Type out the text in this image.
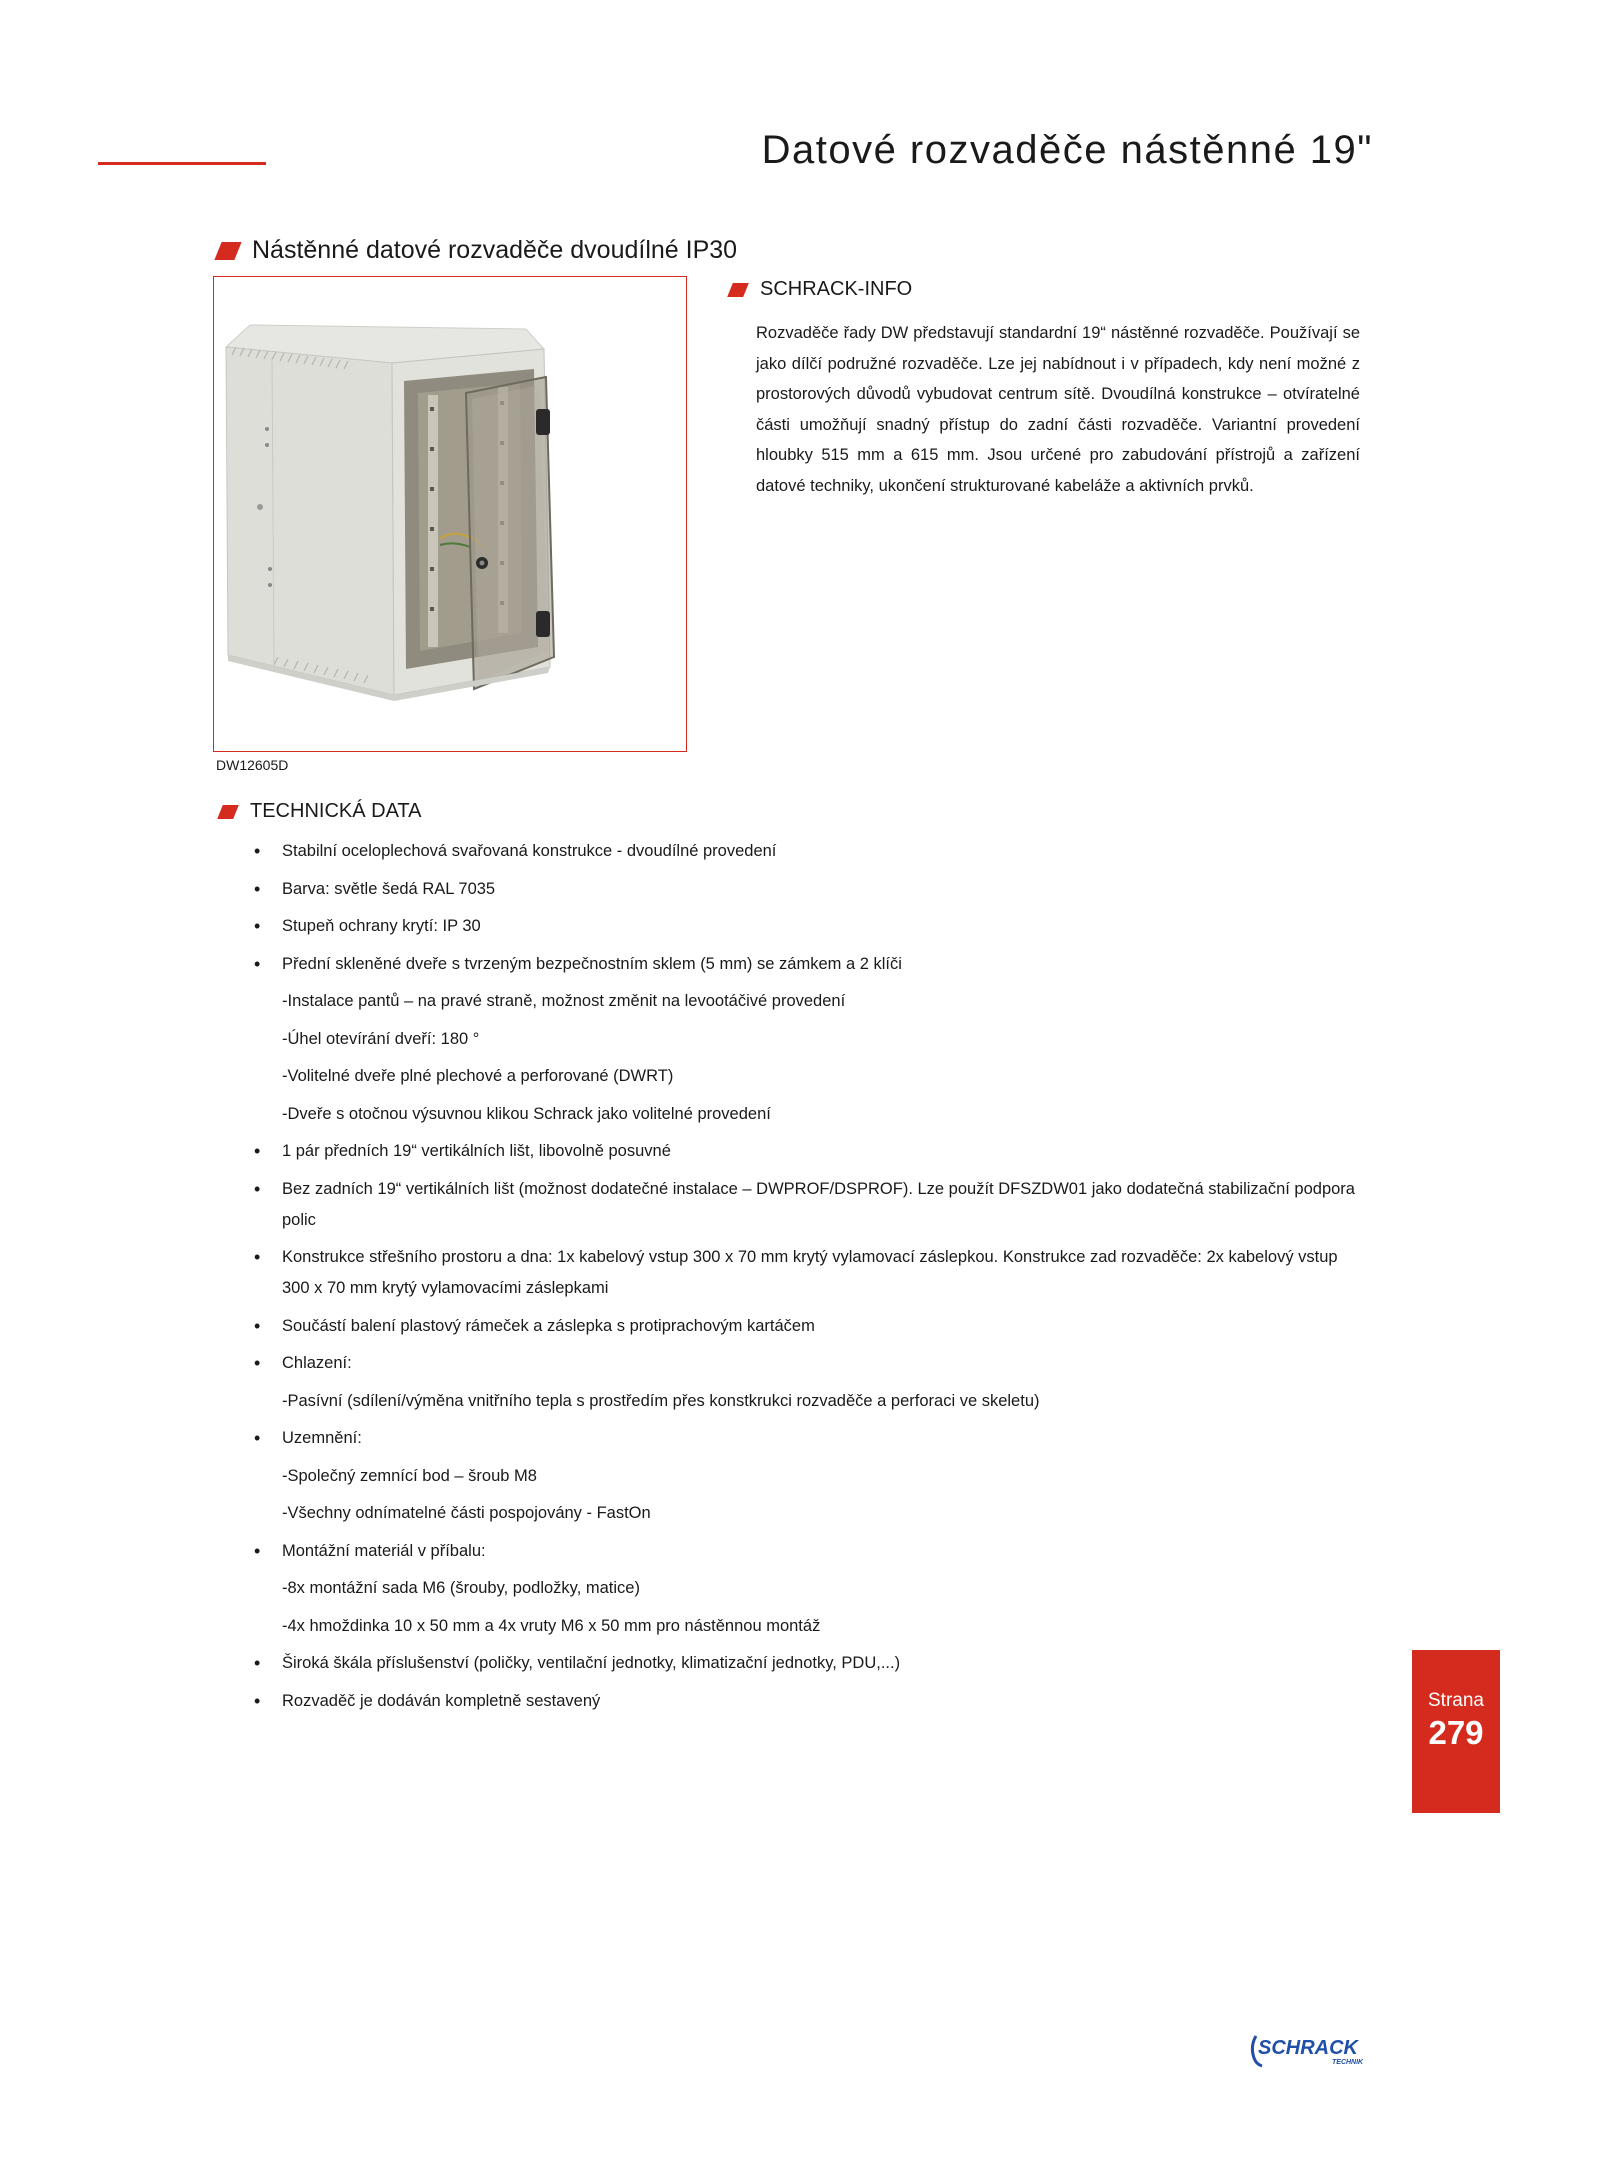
Datové rozvaděče nástěnné 19"
Nástěnné datové rozvaděče dvoudílné IP30
DW12605D
SCHRACK-INFO

Rozvaděče řady DW představují standardní 19“ nástěnné rozvaděče. Používají se jako dílčí podružné rozvaděče. Lze jej nabídnout i v případech, kdy není možné z prostorových důvodů vybudovat centrum sítě. Dvoudílná konstrukce – otvíratelné části umožňují snadný přístup do zadní části rozvaděče. Variantní provedení hloubky 515 mm a 615 mm. Jsou určené pro zabudování přístrojů a zařízení datové techniky, ukončení strukturované kabeláže a aktivních prvků.

TECHNICKÁ DATA
• Stabilní oceloplechová svařovaná konstrukce - dvoudílné provedení
• Barva: světle šedá RAL 7035
• Stupeň ochrany krytí: IP 30
• Přední skleněné dveře s tvrzeným bezpečnostním sklem (5 mm) se zámkem a 2 klíči
-Instalace pantů – na pravé straně, možnost změnit na levootáčivé provedení
-Úhel otevírání dveří: 180 °
-Volitelné dveře plné plechové a perforované (DWRT)
-Dveře s otočnou výsuvnou klikou Schrack jako volitelné provedení
• 1 pár předních 19“ vertikálních lišt, libovolně posuvné
• Bez zadních 19“ vertikálních lišt (možnost dodatečné instalace – DWPROF/DSPROF). Lze použít DFSZDW01 jako dodatečná stabilizační podpora polic
• Konstrukce střešního prostoru a dna: 1x kabelový vstup 300 x 70 mm krytý vylamovací záslepkou. Konstrukce zad rozvaděče: 2x kabelový vstup 300 x 70 mm krytý vylamovacími záslepkami
• Součástí balení plastový rámeček a záslepka s protiprachovým kartáčem
• Chlazení:
-Pasívní (sdílení/výměna vnitřního tepla s prostředím přes konstkrukci rozvaděče a perforaci ve skeletu)
• Uzemnění:
-Společný zemnící bod – šroub M8
-Všechny odnímatelné části pospojovány - FastOn
• Montážní materiál v příbalu:
-8x montážní sada M6 (šrouby, podložky, matice)
-4x hmoždinka 10 x 50 mm a 4x vruty M6 x 50 mm pro nástěnnou montáž
• Široká škála příslušenství (poličky, ventilační jednotky, klimatizační jednotky, PDU,...)
• Rozvaděč je dodáván kompletně sestavený	Strana
279
SCHRACK
TECHNIK
